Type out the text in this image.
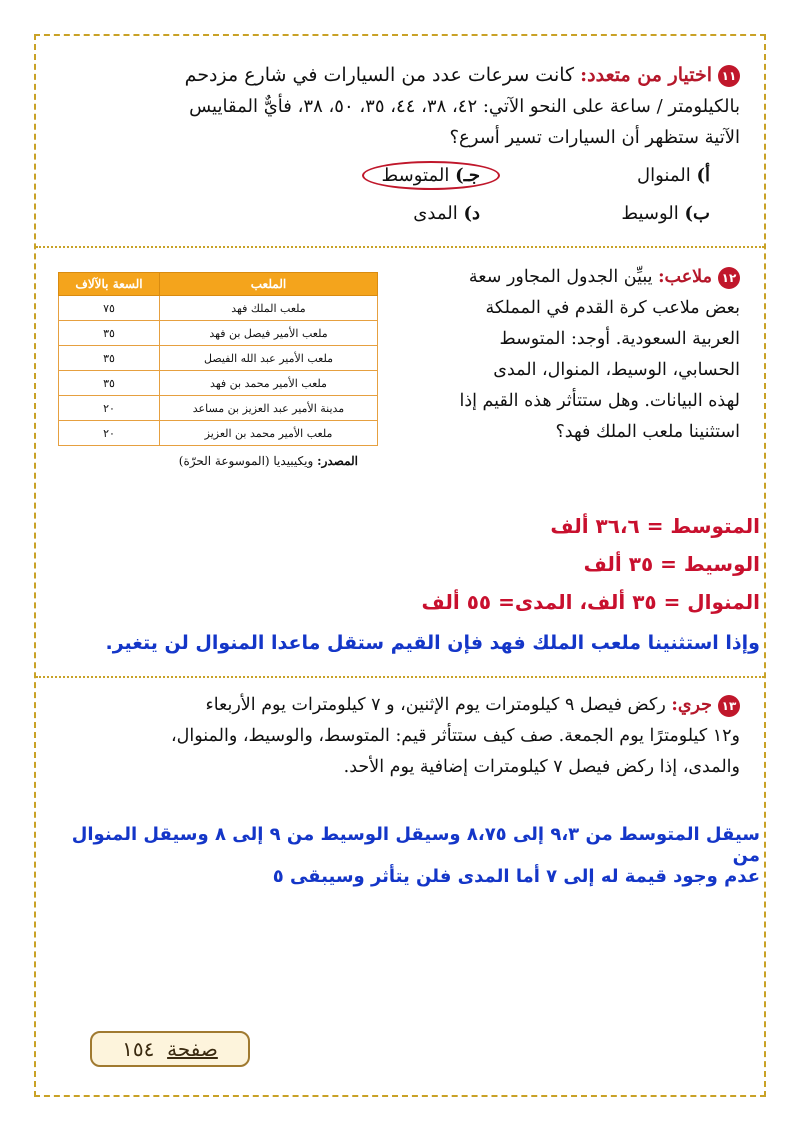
١١اختيار من متعدد: كانت سرعات عدد من السيارات في شارع مزدحم
بالكيلومتر / ساعة على النحو الآتي: ٤٢، ٣٨، ٤٤، ٣٥، ٥٠، ٣٨، فأيٌّ المقاييس
الآتية ستظهر أن السيارات تسير أسرع؟
أ) المنوال
جـ) المتوسط
ب) الوسيط
د) المدى
١٢ملاعب: يبيِّن الجدول المجاور سعة
بعض ملاعب كرة القدم في المملكة
العربية السعودية. أوجد: المتوسط
الحسابي، الوسيط، المنوال، المدى
لهذه البيانات. وهل ستتأثر هذه القيم إذا
استثنينا ملعب الملك فهد؟
الملعب	السعة بالآلاف
ملعب الملك فهد	٧٥
ملعب الأمير فيصل بن فهد	٣٥
ملعب الأمير عبد الله الفيصل	٣٥
ملعب الأمير محمد بن فهد	٣٥
مدينة الأمير عبد العزيز بن مساعد	٢٠
ملعب الأمير محمد بن العزيز	٢٠
المصدر: ويكيبيديا (الموسوعة الحرّة)
المتوسط = ٣٦،٦ ألف
الوسيط = ٣٥ ألف
المنوال = ٣٥ ألف، المدى= ٥٥ ألف
وإذا استثنينا ملعب الملك فهد فإن القيم ستقل ماعدا المنوال لن يتغير.
١٣جري: ركض فيصل ٩ كيلومترات يوم الإثنين، و ٧ كيلومترات يوم الأربعاء
و١٢ كيلومترًا يوم الجمعة. صف كيف ستتأثر قيم: المتوسط، والوسيط، والمنوال،
والمدى، إذا ركض فيصل ٧ كيلومترات إضافية يوم الأحد.
سيقل المتوسط من ٩،٣ إلى ٨،٧٥ وسيقل الوسيط من ٩ إلى ٨ وسيقل المنوال من
عدم وجود قيمة له إلى ٧ أما المدى فلن يتأثر وسيبقى ٥
صفحة  ١٥٤
